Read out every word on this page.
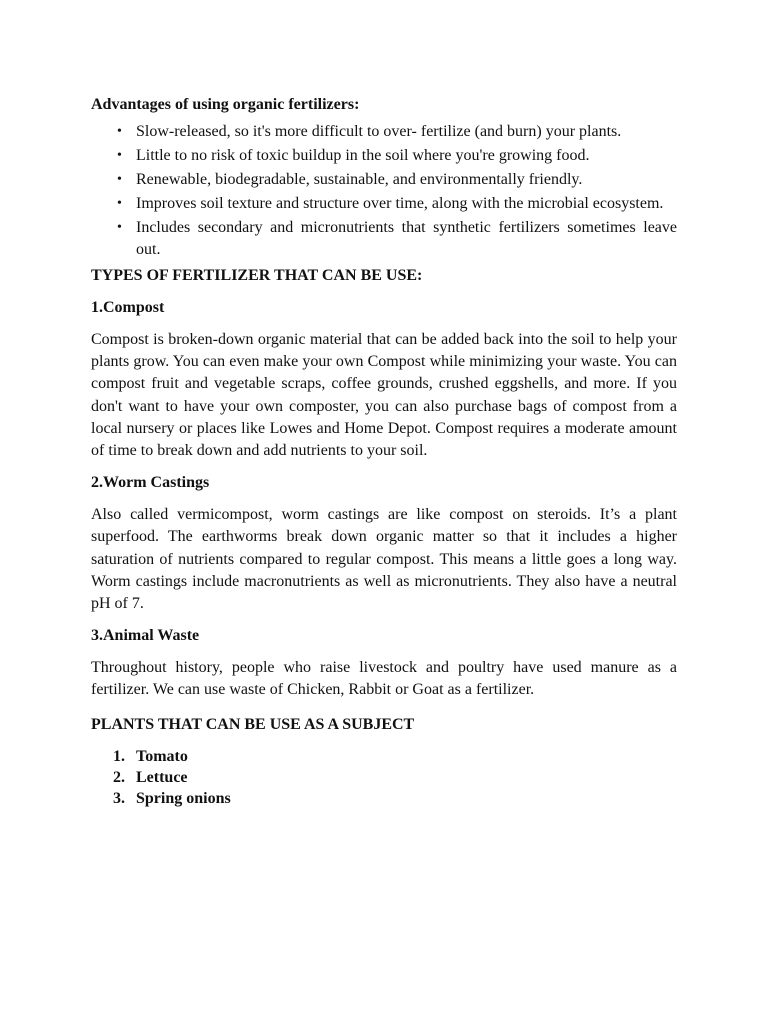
Advantages of using organic fertilizers:

• Slow-released, so it's more difficult to over- fertilize (and burn) your plants.
• Little to no risk of toxic buildup in the soil where you're growing food.
• Renewable, biodegradable, sustainable, and environmentally friendly.
• Improves soil texture and structure over time, along with the microbial ecosystem.
• Includes secondary and micronutrients that synthetic fertilizers sometimes leave out.

TYPES OF FERTILIZER THAT CAN BE USE:

1.Compost

Compost is broken-down organic material that can be added back into the soil to help your plants grow. You can even make your own Compost while minimizing your waste. You can compost fruit and vegetable scraps, coffee grounds, crushed eggshells, and more. If you don't want to have your own composter, you can also purchase bags of compost from a local nursery or places like Lowes and Home Depot. Compost requires a moderate amount of time to break down and add nutrients to your soil.

2.Worm Castings

Also called vermicompost, worm castings are like compost on steroids. It’s a plant superfood. The earthworms break down organic matter so that it includes a higher saturation of nutrients compared to regular compost. This means a little goes a long way. Worm castings include macronutrients as well as micronutrients. They also have a neutral pH of 7.

3.Animal Waste

Throughout history, people who raise livestock and poultry have used manure as a fertilizer. We can use waste of Chicken, Rabbit or Goat as a fertilizer.

PLANTS THAT CAN BE USE AS A SUBJECT

1. Tomato
2. Lettuce
3. Spring onions
